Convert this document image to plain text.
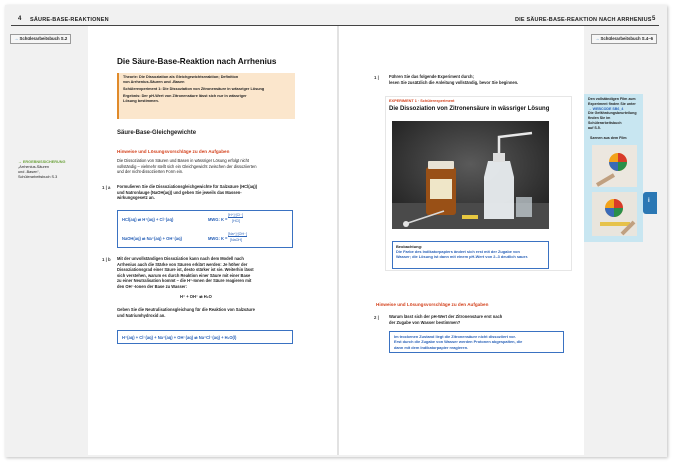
4 SÄURE-BASE-REAKTIONEN	DIE SÄURE-BASE-REAKTION NACH ARRHENIUS 5
→ Schülerarbeitsbuch S.2	→ Schülerarbeitsbuch S.4–6
→ ERGEBNISSICHERUNG
„Arrhenius-Säuren
und -Basen“,
Schülerarbeitsbuch S.3
Die Säure-Base-Reaktion nach Arrhenius
Theorie: Die Dissoziation als Gleichgewichtsreaktion; Definition
von Arrhenius-Säuren und -Basen
Schülerexperiment 1: Die Dissoziation von Zitronensäure in wässriger Lösung
Ergebnis: Der pH-Wert von Zitronensäure lässt sich nur in wässriger
Lösung bestimmen.
Säure-Base-Gleichgewichte
Hinweise und Lösungsvorschläge zu den Aufgaben
Die Dissoziation von Säuren und Basen in wässriger Lösung erfolgt nicht
vollständig – vielmehr stellt sich ein Gleichgewicht zwischen der dissoziierten
und der nicht-dissoziierten Form ein.
1 | a Formulieren Sie die Dissoziationsgleichgewichte für Salzsäure (HCl(aq))
und Natronlauge (NaOH(aq)) und geben Sie jeweils das Massen-
wirkungsgesetz an.
HCl(aq) ⇌ H⁺(aq) + Cl⁻(aq)	MWG: K =
[H⁺]·[Cl⁻]
[HCl]
NaOH(aq) ⇌ Na⁺(aq) + OH⁻(aq)	MWG: K =
[Na⁺]·[OH⁻]
[NaOH]
1 | b Mit der unvollständigen Dissoziation kann nach dem Modell nach
Arrhenius auch die Stärke von Säuren erklärt werden: Je höher der
Dissoziationsgrad einer Säure ist, desto stärker ist sie. Weiterhin lässt
sich verstehen, warum es durch Reaktion einer Säure mit einer Base
zu einer Neutralisation kommt – die H⁺-Ionen der Säure reagieren mit
den OH⁻-Ionen der Base zu Wasser:
H⁺ + OH⁻ ⇌ H₂O
Geben Sie die Neutralisationsgleichung für die Reaktion von Salzsäure
und Natriumhydroxid an.
H⁺(aq) + Cl⁻(aq) + Na⁺(aq) + OH⁻(aq) ⇌ Na⁺Cl⁻(aq) + H₂O(l)
1 | Führen Sie das folgende Experiment durch;
lesen Sie zusätzlich die Anleitung vollständig, bevor Sie beginnen.
EXPERIMENT 1 · Schülerexperiment
Die Dissoziation von Zitronensäure in wässriger Lösung
Beobachtung:
Die Farbe des Indikatorpapiers ändert sich erst mit der Zugabe von
Wasser; die Lösung ist dann mit einem pH-Wert von 2–3 deutlich sauer.
Hinweise und Lösungsvorschläge zu den Aufgaben
2 | Warum lässt sich der pH-Wert der Zitronensäure erst nach
der Zugabe von Wasser bestimmen?
Im trockenen Zustand liegt die Zitronensäure nicht dissoziiert vor.
Erst durch die Zugabe von Wasser werden Protonen abgespalten, die
dann mit dem Indikatorpapier reagieren.
Den vollständigen Film zum
Experiment finden Sie unter
→ WEBCODE SB6_4
Die Gefährdungsbeurteilung
finden Sie im Schülerarbeitsbuch
auf S.5.
Szenen aus dem Film
i
